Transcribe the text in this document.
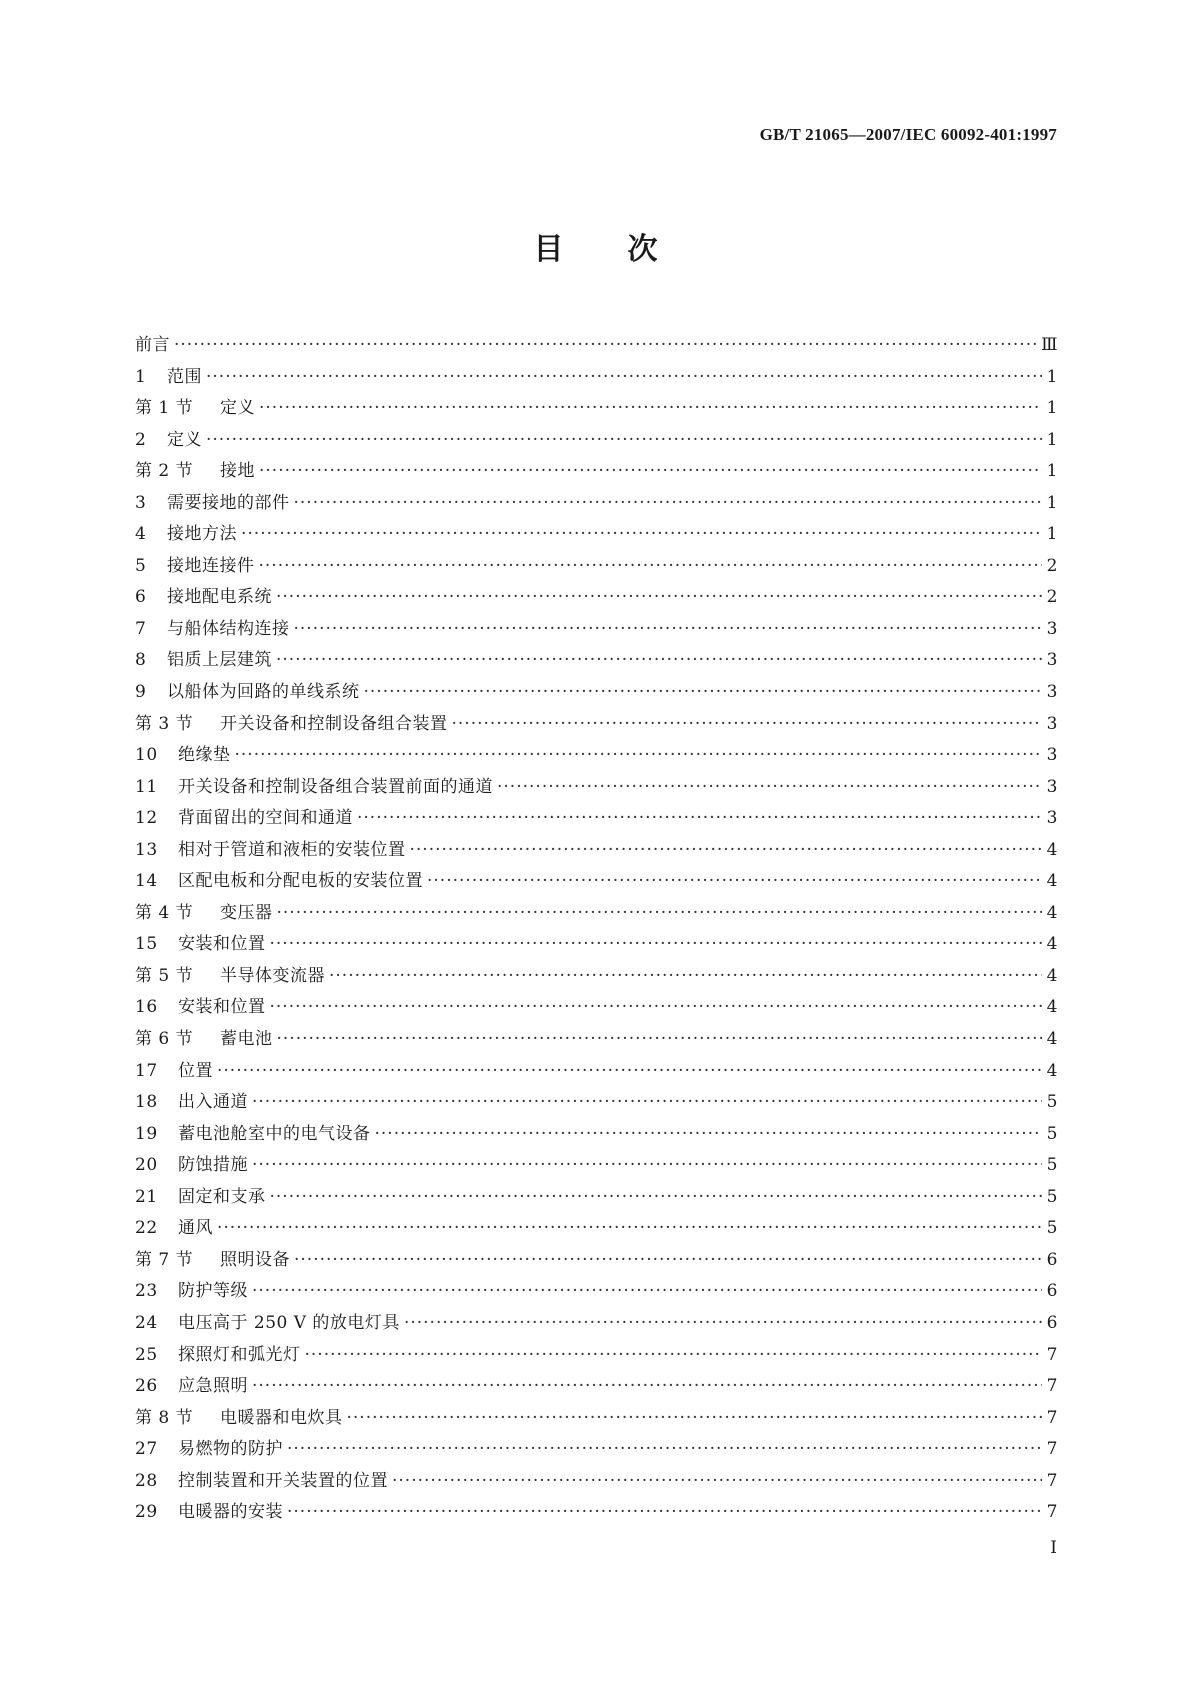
GB/T 21065—2007/IEC 60092-401:1997
目 次
前言 ·····	Ⅲ
1	范围 ·····	1
第 1 节	定义 ·····	1
2	定义 ·····	1
第 2 节	接地 ·····	1
3	需要接地的部件 ·····	1
4	接地方法 ·····	1
5	接地连接件 ·····	2
6	接地配电系统 ·····	2
7	与船体结构连接 ·····	3
8	铝质上层建筑 ·····	3
9	以船体为回路的单线系统 ·····	3
第 3 节	开关设备和控制设备组合装置 ·····	3
10	绝缘垫 ·····	3
11	开关设备和控制设备组合装置前面的通道 ·····	3
12	背面留出的空间和通道 ·····	3
13	相对于管道和液柜的安装位置 ·····	4
14	区配电板和分配电板的安装位置 ·····	4
第 4 节	变压器 ·····	4
15	安装和位置 ·····	4
第 5 节	半导体变流器 ·····	4
16	安装和位置 ·····	4
第 6 节	蓄电池 ·····	4
17	位置 ·····	4
18	出入通道 ·····	5
19	蓄电池舱室中的电气设备 ·····	5
20	防蚀措施 ·····	5
21	固定和支承 ·····	5
22	通风 ·····	5
第 7 节	照明设备 ·····	6
23	防护等级 ·····	6
24	电压高于 250 V 的放电灯具 ·····	6
25	探照灯和弧光灯 ·····	7
26	应急照明 ·····	7
第 8 节	电暖器和电炊具 ·····	7
27	易燃物的防护 ·····	7
28	控制装置和开关装置的位置 ·····	7
29	电暖器的安装 ·····	7
I
